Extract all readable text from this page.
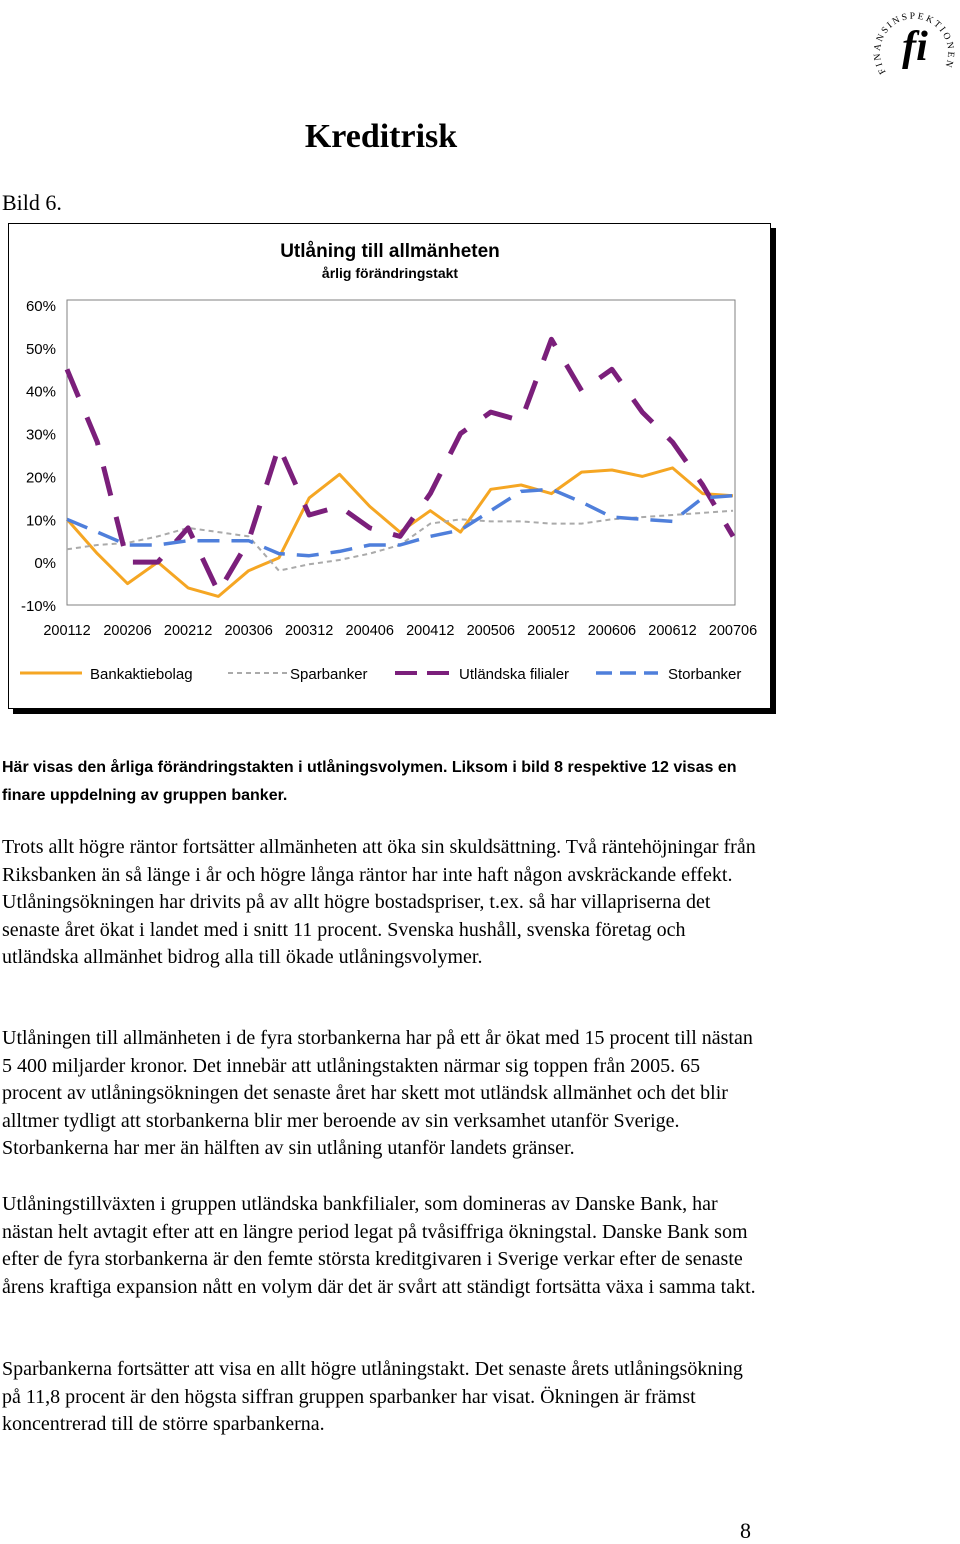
FINANSINSPEKTIONEN
fi
Kreditrisk
Bild 6.
Utlåning till allmänheten
årlig förändringstakt
60%
50%
40%
30%
20%
10%
0%
-10%
200112 200206 200212 200306 200312 200406 200412 200506 200512 200606 200612 200706
Bankaktiebolag	Sparbanker	Utländska filialer	Storbanker
Här visas den årliga förändringstakten i utlåningsvolymen. Liksom i bild 8 respektive 12 visas en finare uppdelning av gruppen banker.

Trots allt högre räntor fortsätter allmänheten att öka sin skuldsättning. Två räntehöjningar från Riksbanken än så länge i år och högre långa räntor har inte haft någon avskräckande effekt. Utlåningsökningen har drivits på av allt högre bostadspriser, t.ex. så har villapriserna det senaste året ökat i landet med i snitt 11 procent. Svenska hushåll, svenska företag och utländska allmänhet bidrog alla till ökade utlåningsvolymer.

Utlåningen till allmänheten i de fyra storbankerna har på ett år ökat med 15 procent till nästan 5 400 miljarder kronor. Det innebär att utlåningstakten närmar sig toppen från 2005. 65 procent av utlåningsökningen det senaste året har skett mot utländsk allmänhet och det blir alltmer tydligt att storbankerna blir mer beroende av sin verksamhet utanför Sverige. Storbankerna har mer än hälften av sin utlåning utanför landets gränser.

Utlåningstillväxten i gruppen utländska bankfilialer, som domineras av Danske Bank, har nästan helt avtagit efter att en längre period legat på tvåsiffriga ökningstal. Danske Bank som efter de fyra storbankerna är den femte största kreditgivaren i Sverige verkar efter de senaste årens kraftiga expansion nått en volym där det är svårt att ständigt fortsätta växa i samma takt.

Sparbankerna fortsätter att visa en allt högre utlåningstakt. Det senaste årets utlåningsökning på 11,8 procent är den högsta siffran gruppen sparbanker har visat. Ökningen är främst koncentrerad till de större sparbankerna.

8
